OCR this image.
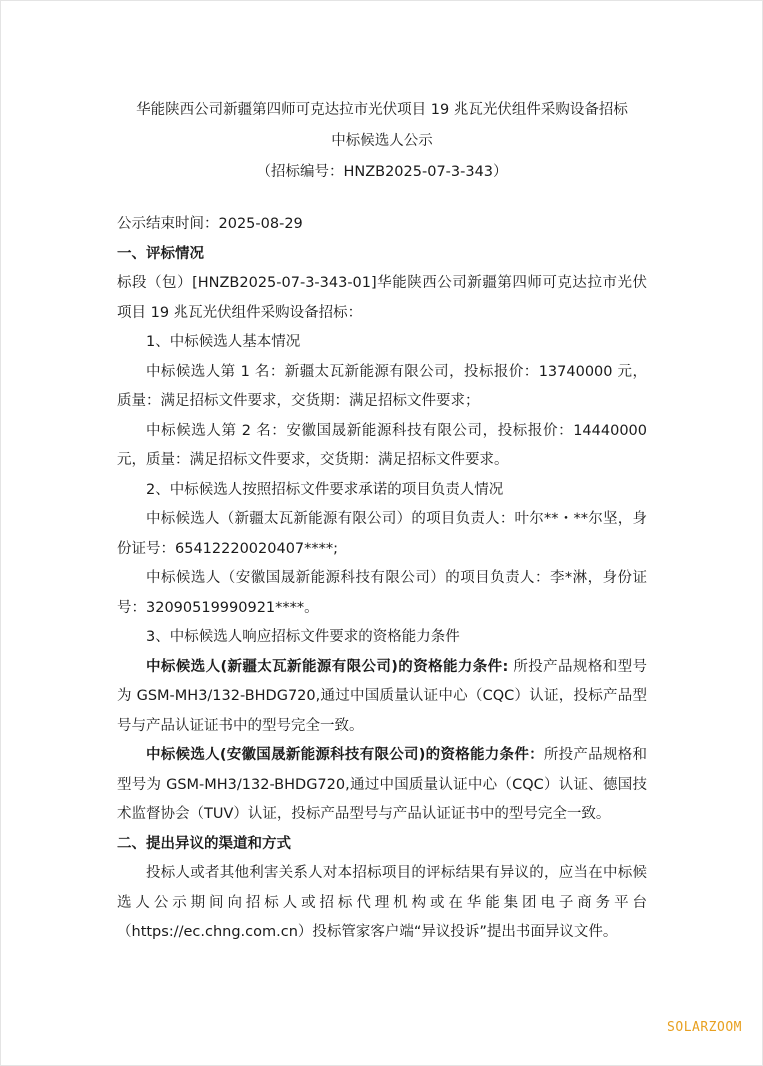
华能陕西公司新疆第四师可克达拉市光伏项目 19 兆瓦光伏组件采购设备招标
中标候选人公示
（招标编号：HNZB2025-07-3-343）

公示结束时间：2025-08-29

一、评标情况

标段（包）[HNZB2025-07-3-343-01]华能陕西公司新疆第四师可克达拉市光伏项目 19 兆瓦光伏组件采购设备招标：

1、中标候选人基本情况

中标候选人第 1 名：新疆太瓦新能源有限公司，投标报价：13740000 元，质量：满足招标文件要求，交货期：满足招标文件要求；

中标候选人第 2 名：安徽国晟新能源科技有限公司，投标报价：14440000 元，质量：满足招标文件要求，交货期：满足招标文件要求。

2、中标候选人按照招标文件要求承诺的项目负责人情况

中标候选人（新疆太瓦新能源有限公司）的项目负责人：叶尔**・**尔坚，身份证号：65412220020407****;

中标候选人（安徽国晟新能源科技有限公司）的项目负责人：李*淋，身份证号：32090519990921****。

3、中标候选人响应招标文件要求的资格能力条件

中标候选人(新疆太瓦新能源有限公司)的资格能力条件: 所投产品规格和型号为 GSM-MH3/132-BHDG720,通过中国质量认证中心（CQC）认证，投标产品型号与产品认证证书中的型号完全一致。

中标候选人(安徽国晟新能源科技有限公司)的资格能力条件：所投产品规格和型号为 GSM-MH3/132-BHDG720,通过中国质量认证中心（CQC）认证、德国技术监督协会（TUV）认证，投标产品型号与产品认证证书中的型号完全一致。

二、提出异议的渠道和方式

投标人或者其他利害关系人对本招标项目的评标结果有异议的，应当在中标候选人公示期间向招标人或招标代理机构或在华能集团电子商务平台（https://ec.chng.com.cn）投标管家客户端“异议投诉”提出书面异议文件。

SOLARZOOM
